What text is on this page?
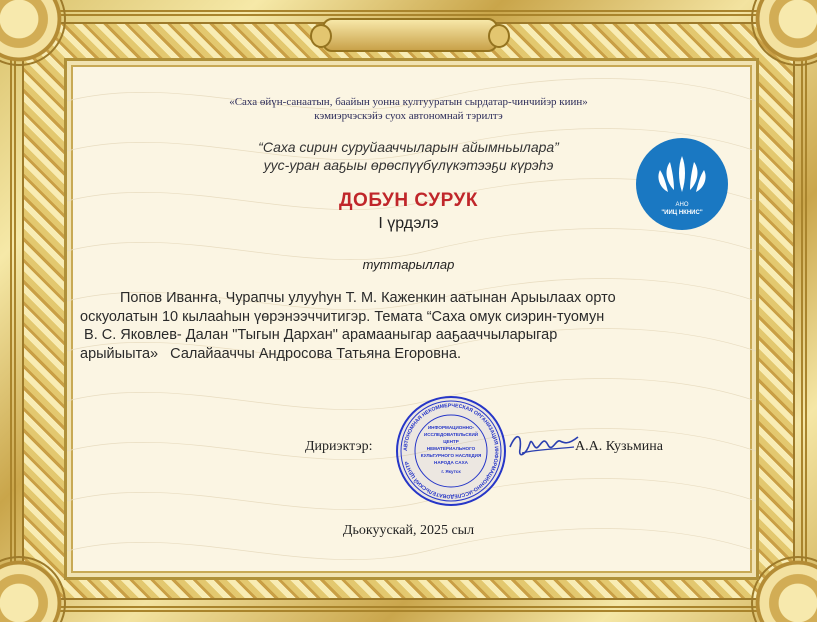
«Саха өйүн-санаатын, баайын уонна култууратын сырдатар-чинчийэр киин»
кэмиэрчэскэйэ суох автономнай тэрилтэ
“Саха сирин суруйааччыларын айымньылара”
уус-уран ааҕыы өрөспүүбүлүкэтээҕи күрэһэ
ДОБУН СУРУК
I үрдэлэ
туттарыллар
Попов Иванҥа, Чурапчы улууһун Т. М. Каженкин аатынан Арыылаах орто
оскуолатын 10 кылааһын үөрэнээччитигэр. Темата “Саха омук сиэрин-туомун
В. С. Яковлев- Далан "Тыгын Дархан" арамааныгар ааҕааччыларыгар
арыйыыта»   Салайааччы Андросова Татьяна Егоровна.
АНО
"ИИЦ НКНИС"
АВТОНОМНАЯ НЕКОММЕРЧЕСКАЯ ОРГАНИЗАЦИЯ ИНФОРМАЦИОННО-ИССЛЕДОВАТЕЛЬСКИЙ ЦЕНТР
ИНФОРМАЦИОННО-
ИССЛЕДОВАТЕЛЬСКИЙ
ЦЕНТР
НЕМАТЕРИАЛЬНОГО
КУЛЬТУРНОГО НАСЛЕДИЯ
НАРОДА САХА
г. Якутск
Дириэктэр:	А.А. Кузьмина
Дьокуускай, 2025 сыл
